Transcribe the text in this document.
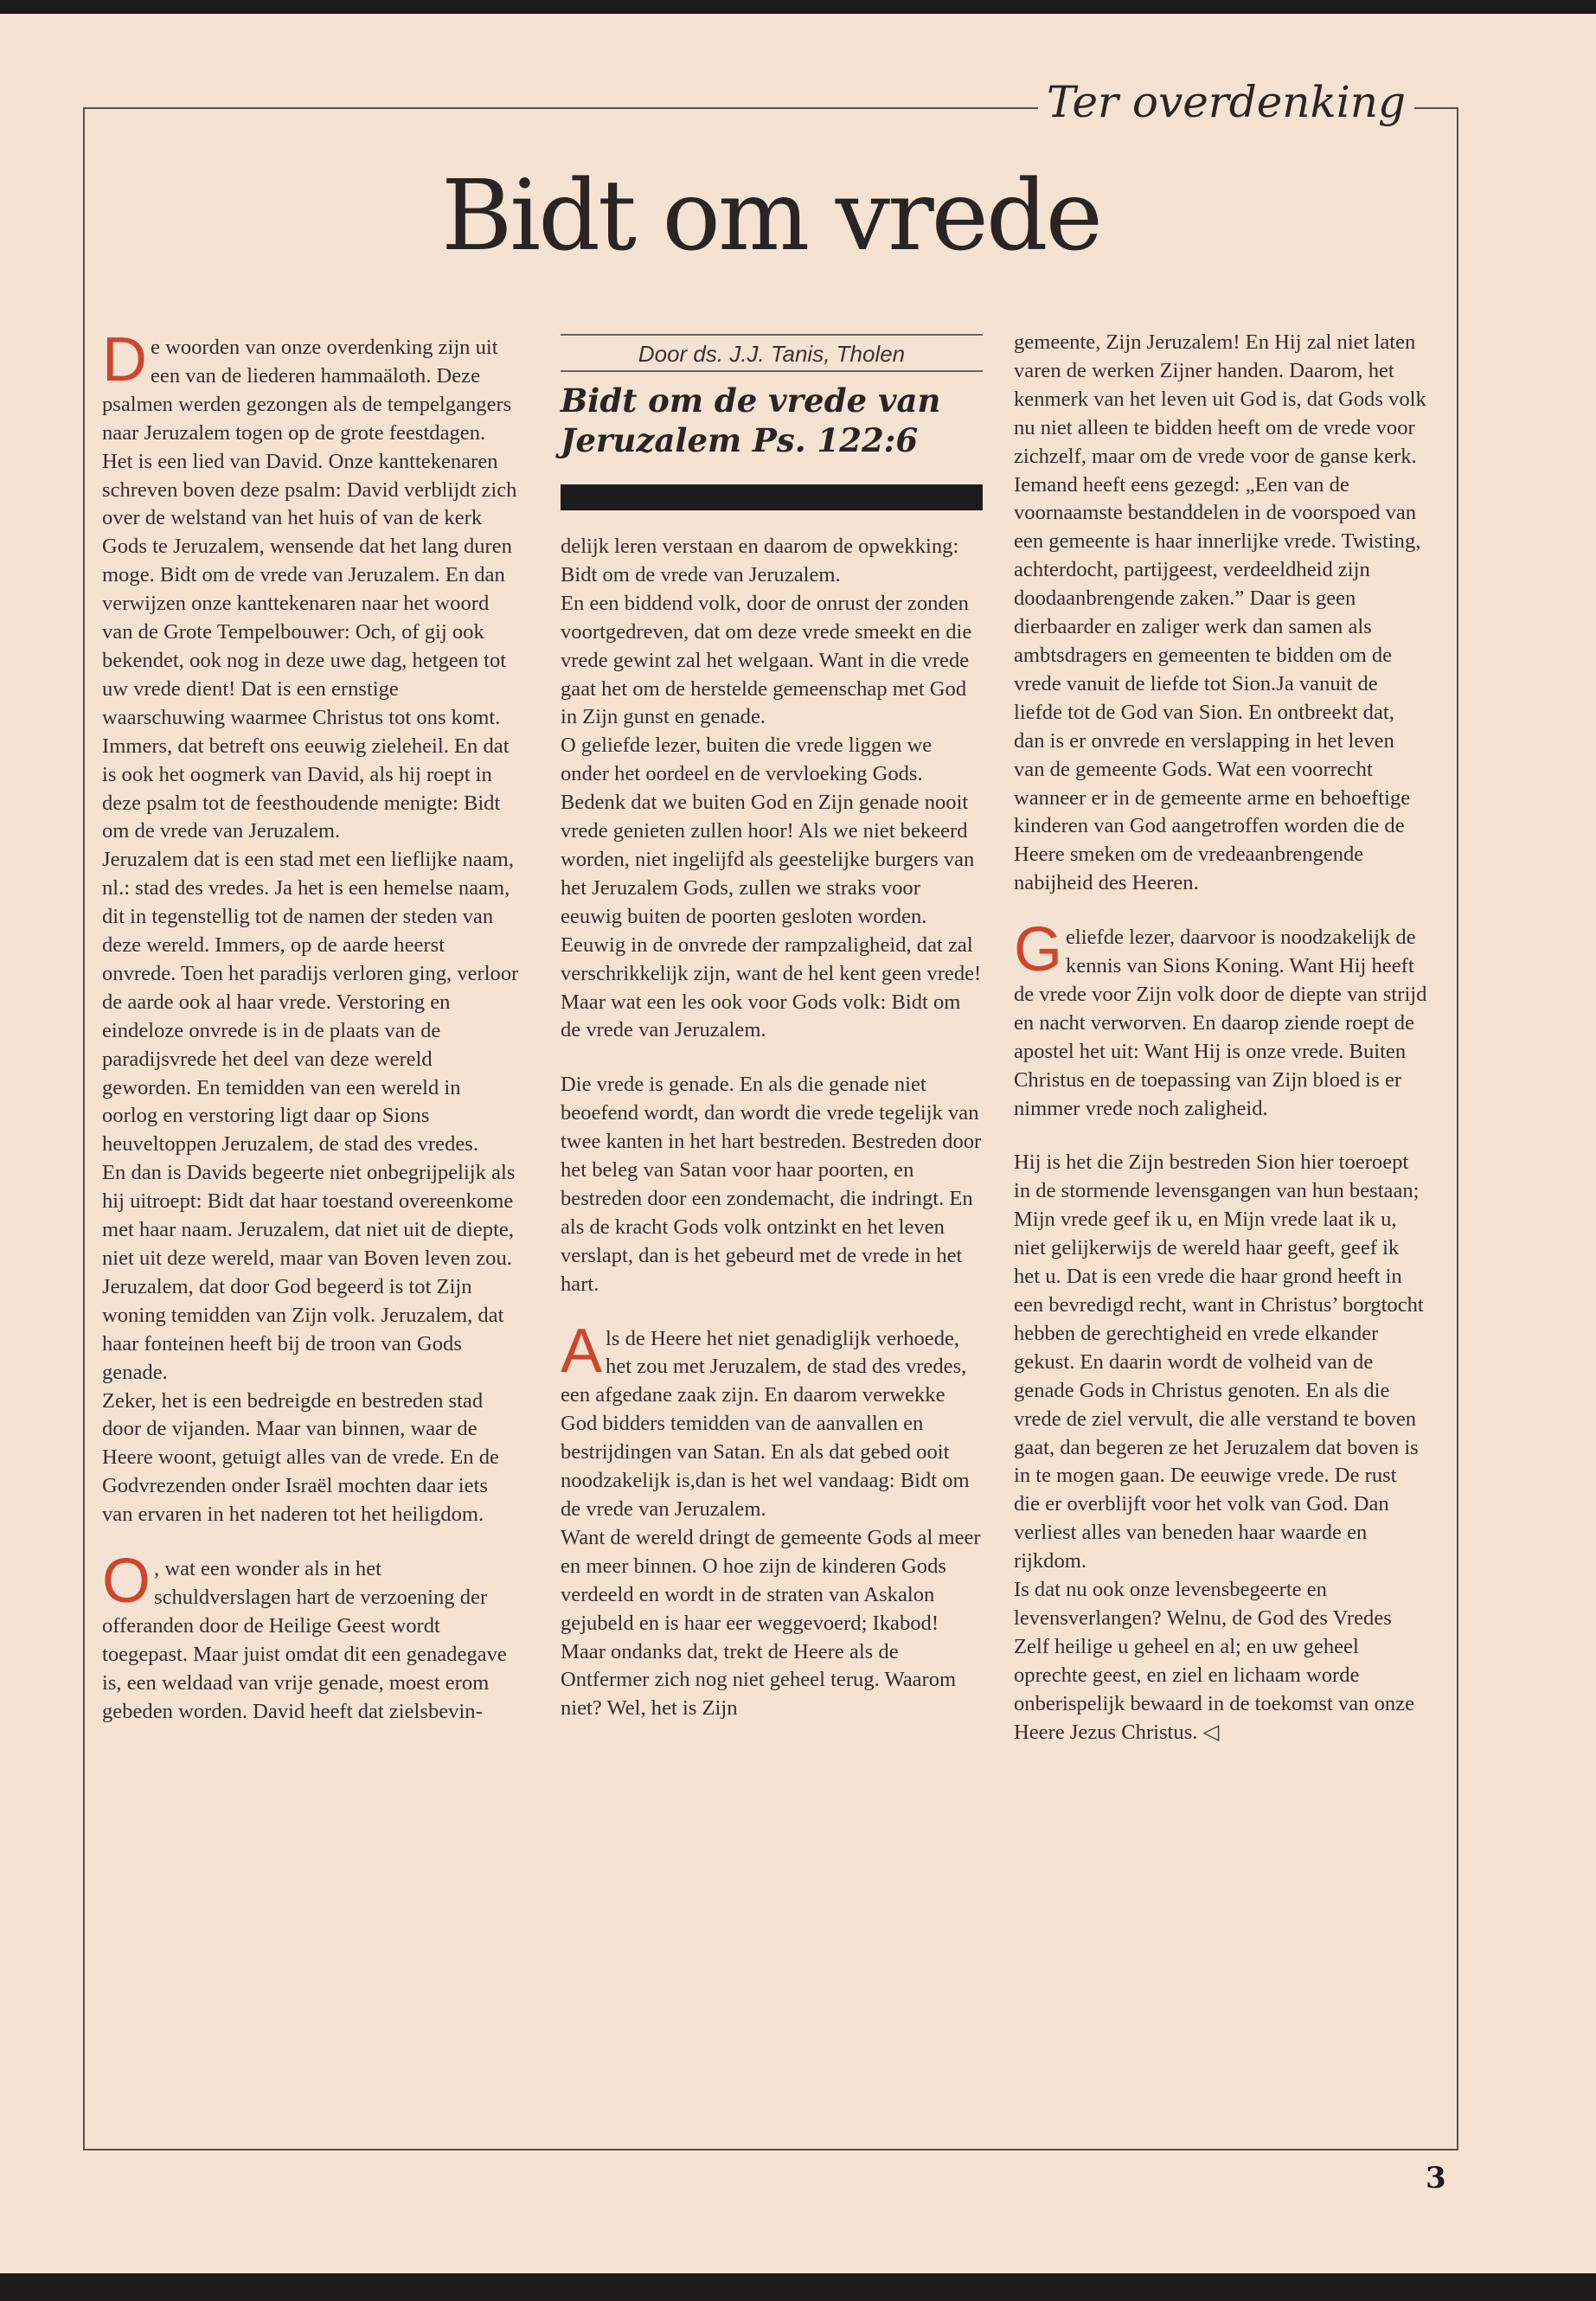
Ter overdenking
Bidt om vrede

De woorden van onze overdenking zijn uit een van de liederen hammaäloth. Deze psalmen werden gezongen als de tempelgangers naar Jeruzalem togen op de grote feestdagen. Het is een lied van David. Onze kanttekenaren schreven boven deze psalm: David verblijdt zich over de welstand van het huis of van de kerk Gods te Jeruzalem, wensende dat het lang duren moge. Bidt om de vrede van Jeruzalem. En dan verwijzen onze kanttekenaren naar het woord van de Grote Tempelbouwer: Och, of gij ook bekendet, ook nog in deze uwe dag, hetgeen tot uw vrede dient! Dat is een ernstige waarschuwing waarmee Christus tot ons komt. Immers, dat betreft ons eeuwig zieleheil. En dat is ook het oogmerk van David, als hij roept in deze psalm tot de feesthoudende menigte: Bidt om de vrede van Jeruzalem.

Jeruzalem dat is een stad met een lieflijke naam, nl.: stad des vredes. Ja het is een hemelse naam, dit in tegenstellig tot de namen der steden van deze wereld. Immers, op de aarde heerst onvrede. Toen het paradijs verloren ging, verloor de aarde ook al haar vrede. Verstoring en eindeloze onvrede is in de plaats van de paradijsvrede het deel van deze wereld geworden. En temidden van een wereld in oorlog en verstoring ligt daar op Sions heuveltoppen Jeruzalem, de stad des vredes.

En dan is Davids begeerte niet onbegrijpelijk als hij uitroept: Bidt dat haar toestand overeenkome met haar naam. Jeruzalem, dat niet uit de diepte, niet uit deze wereld, maar van Boven leven zou. Jeruzalem, dat door God begeerd is tot Zijn woning temidden van Zijn volk. Jeruzalem, dat haar fonteinen heeft bij de troon van Gods genade.

Zeker, het is een bedreigde en bestreden stad door de vijanden. Maar van binnen, waar de Heere woont, getuigt alles van de vrede. En de Godvrezenden onder Israël mochten daar iets van ervaren in het naderen tot het heiligdom.

O , wat een wonder als in het schuldverslagen hart de verzoening der offeranden door de Heilige Geest wordt toegepast. Maar juist omdat dit een genadegave is, een weldaad van vrije genade, moest erom gebeden worden. David heeft dat zielsbevin-

Door ds. J.J. Tanis, Tholen
Bidt om de vrede van Jeruzalem Ps. 122:6

delijk leren verstaan en daarom de opwekking: Bidt om de vrede van Jeruzalem.

En een biddend volk, door de onrust der zonden voortgedreven, dat om deze vrede smeekt en die vrede gewint zal het welgaan. Want in die vrede gaat het om de herstelde gemeenschap met God in Zijn gunst en genade.

O geliefde lezer, buiten die vrede liggen we onder het oordeel en de vervloeking Gods. Bedenk dat we buiten God en Zijn genade nooit vrede genieten zullen hoor! Als we niet bekeerd worden, niet ingelijfd als geestelijke burgers van het Jeruzalem Gods, zullen we straks voor eeuwig buiten de poorten gesloten worden. Eeuwig in de onvrede der rampzaligheid, dat zal verschrikkelijk zijn, want de hel kent geen vrede!

Maar wat een les ook voor Gods volk: Bidt om de vrede van Jeruzalem.

Die vrede is genade. En als die genade niet beoefend wordt, dan wordt die vrede tegelijk van twee kanten in het hart bestreden. Bestreden door het beleg van Satan voor haar poorten, en bestreden door een zondemacht, die indringt. En als de kracht Gods volk ontzinkt en het leven verslapt, dan is het gebeurd met de vrede in het hart.

Als de Heere het niet genadiglijk verhoede, het zou met Jeruzalem, de stad des vredes, een afgedane zaak zijn. En daarom verwekke God bidders temidden van de aanvallen en bestrijdingen van Satan. En als dat gebed ooit noodzakelijk is,dan is het wel vandaag: Bidt om de vrede van Jeruzalem.

Want de wereld dringt de gemeente Gods al meer en meer binnen. O hoe zijn de kinderen Gods verdeeld en wordt in de straten van Askalon gejubeld en is haar eer weggevoerd; Ikabod!

Maar ondanks dat, trekt de Heere als de Ontfermer zich nog niet geheel terug. Waarom niet? Wel, het is Zijn

gemeente, Zijn Jeruzalem! En Hij zal niet laten varen de werken Zijner handen. Daarom, het kenmerk van het leven uit God is, dat Gods volk nu niet alleen te bidden heeft om de vrede voor zichzelf, maar om de vrede voor de ganse kerk. Iemand heeft eens gezegd: „Een van de voornaamste bestanddelen in de voorspoed van een gemeente is haar innerlijke vrede. Twisting, achterdocht, partijgeest, verdeeldheid zijn doodaanbrengende zaken.” Daar is geen dierbaarder en zaliger werk dan samen als ambtsdragers en gemeenten te bidden om de vrede vanuit de liefde tot Sion.Ja vanuit de liefde tot de God van Sion. En ontbreekt dat, dan is er onvrede en verslapping in het leven van de gemeente Gods. Wat een voorrecht wanneer er in de gemeente arme en behoeftige kinderen van God aangetroffen worden die de Heere smeken om de vredeaanbrengende nabijheid des Heeren.

Geliefde lezer, daarvoor is noodzakelijk de kennis van Sions Koning. Want Hij heeft de vrede voor Zijn volk door de diepte van strijd en nacht verworven. En daarop ziende roept de apostel het uit: Want Hij is onze vrede. Buiten Christus en de toepassing van Zijn bloed is er nimmer vrede noch zaligheid.

Hij is het die Zijn bestreden Sion hier toeroept in de stormende levensgangen van hun bestaan; Mijn vrede geef ik u, en Mijn vrede laat ik u, niet gelijkerwijs de wereld haar geeft, geef ik het u. Dat is een vrede die haar grond heeft in een bevredigd recht, want in Christus’ borgtocht hebben de gerechtigheid en vrede elkander gekust. En daarin wordt de volheid van de genade Gods in Christus genoten. En als die vrede de ziel vervult, die alle verstand te boven gaat, dan begeren ze het Jeruzalem dat boven is in te mogen gaan. De eeuwige vrede. De rust die er overblijft voor het volk van God. Dan verliest alles van beneden haar waarde en rijkdom.

Is dat nu ook onze levensbegeerte en levensverlangen? Welnu, de God des Vredes Zelf heilige u geheel en al; en uw geheel oprechte geest, en ziel en lichaam worde onberispelijk bewaard in de toekomst van onze Heere Jezus Christus. ◁

3
